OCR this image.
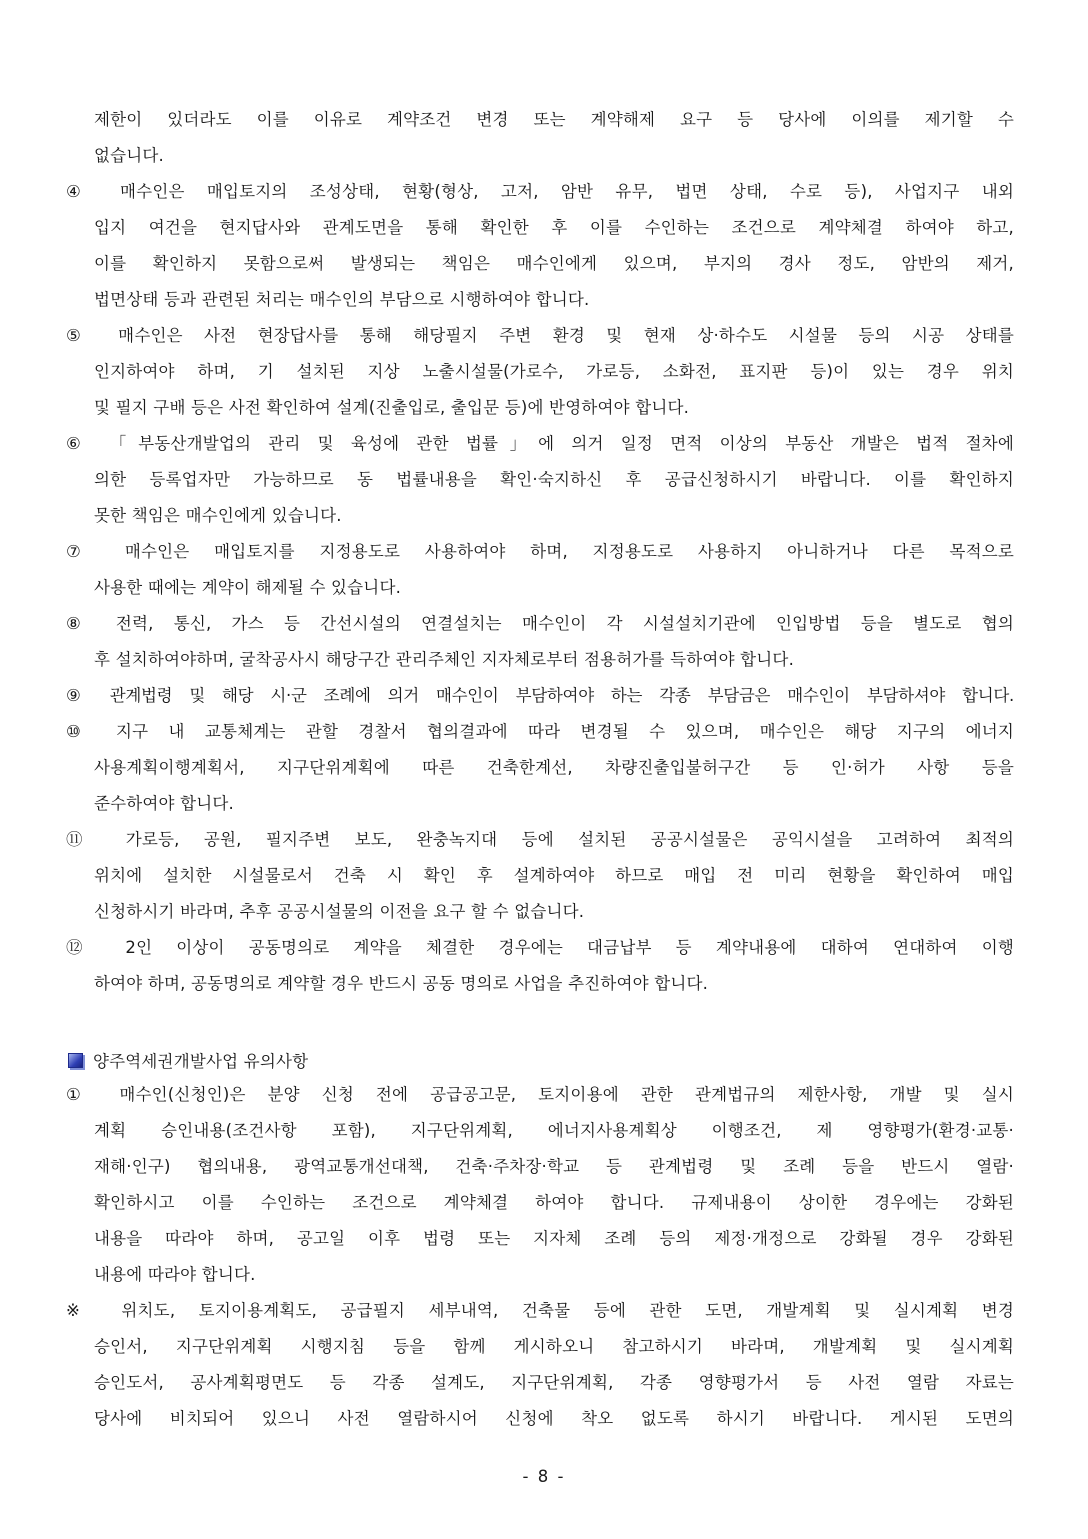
제한이 있더라도 이를 이유로 계약조건 변경 또는 계약해제 요구 등 당사에 이의를 제기할 수
없습니다.
④ 매수인은 매입토지의 조성상태, 현황(형상, 고저, 암반 유무, 법면 상태, 수로 등), 사업지구 내외
입지 여건을 현지답사와 관계도면을 통해 확인한 후 이를 수인하는 조건으로 계약체결 하여야 하고,
이를 확인하지 못함으로써 발생되는 책임은 매수인에게 있으며, 부지의 경사 정도, 암반의 제거,
법면상태 등과 관련된 처리는 매수인의 부담으로 시행하여야 합니다.
⑤ 매수인은 사전 현장답사를 통해 해당필지 주변 환경 및 현재 상·하수도 시설물 등의 시공 상태를
인지하여야 하며, 기 설치된 지상 노출시설물(가로수, 가로등, 소화전, 표지판 등)이 있는 경우 위치
및 필지 구배 등은 사전 확인하여 설계(진출입로, 출입문 등)에 반영하여야 합니다.
⑥ 「부동산개발업의 관리 및 육성에 관한 법률」에 의거 일정 면적 이상의 부동산 개발은 법적 절차에
의한 등록업자만 가능하므로 동 법률내용을 확인·숙지하신 후 공급신청하시기 바랍니다. 이를 확인하지
못한 책임은 매수인에게 있습니다.
⑦ 매수인은 매입토지를 지정용도로 사용하여야 하며, 지정용도로 사용하지 아니하거나 다른 목적으로
사용한 때에는 계약이 해제될 수 있습니다.
⑧ 전력, 통신, 가스 등 간선시설의 연결설치는 매수인이 각 시설설치기관에 인입방법 등을 별도로 협의
후 설치하여야하며, 굴착공사시 해당구간 관리주체인 지자체로부터 점용허가를 득하여야 합니다.
⑨ 관계법령 및 해당 시·군 조례에 의거 매수인이 부담하여야 하는 각종 부담금은 매수인이 부담하셔야 합니다.
⑩ 지구 내 교통체계는 관할 경찰서 협의결과에 따라 변경될 수 있으며, 매수인은 해당 지구의 에너지
사용계획이행계획서, 지구단위계획에 따른 건축한계선, 차량진출입불허구간 등 인·허가 사항 등을
준수하여야 합니다.
⑪ 가로등, 공원, 필지주변 보도, 완충녹지대 등에 설치된 공공시설물은 공익시설을 고려하여 최적의
위치에 설치한 시설물로서 건축 시 확인 후 설계하여야 하므로 매입 전 미리 현황을 확인하여 매입
신청하시기 바라며, 추후 공공시설물의 이전을 요구 할 수 없습니다.
⑫ 2인 이상이 공동명의로 계약을 체결한 경우에는 대금납부 등 계약내용에 대하여 연대하여 이행
하여야 하며, 공동명의로 계약할 경우 반드시 공동 명의로 사업을 추진하여야 합니다.
양주역세권개발사업 유의사항
① 매수인(신청인)은 분양 신청 전에 공급공고문, 토지이용에 관한 관계법규의 제한사항, 개발 및 실시
계획 승인내용(조건사항 포함), 지구단위계획, 에너지사용계획상 이행조건, 제 영향평가(환경·교통·
재해·인구) 협의내용, 광역교통개선대책, 건축·주차장·학교 등 관계법령 및 조례 등을 반드시 열람·
확인하시고 이를 수인하는 조건으로 계약체결 하여야 합니다. 규제내용이 상이한 경우에는 강화된
내용을 따라야 하며, 공고일 이후 법령 또는 지자체 조례 등의 제정·개정으로 강화될 경우 강화된
내용에 따라야 합니다.
※ 위치도, 토지이용계획도, 공급필지 세부내역, 건축물 등에 관한 도면, 개발계획 및 실시계획 변경
승인서, 지구단위계획 시행지침 등을 함께 게시하오니 참고하시기 바라며, 개발계획 및 실시계획
승인도서, 공사계획평면도 등 각종 설계도, 지구단위계획, 각종 영향평가서 등 사전 열람 자료는
당사에 비치되어 있으니 사전 열람하시어 신청에 착오 없도록 하시기 바랍니다. 게시된 도면의
- 8 -
